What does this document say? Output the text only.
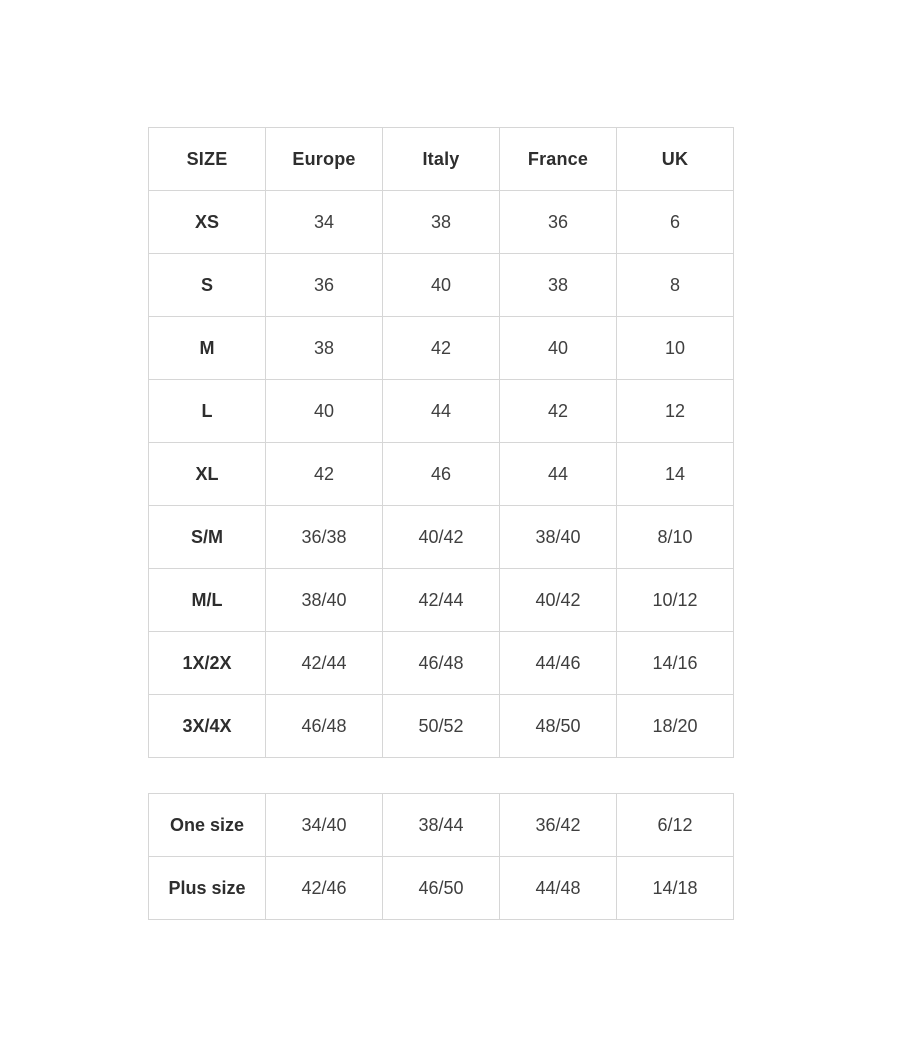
SIZE	Europe	Italy	France	UK
XS	34	38	36	6
S	36	40	38	8
M	38	42	40	10
L	40	44	42	12
XL	42	46	44	14
S/M	36/38	40/42	38/40	8/10
M/L	38/40	42/44	40/42	10/12
1X/2X	42/44	46/48	44/46	14/16
3X/4X	46/48	50/52	48/50	18/20
One size	34/40	38/44	36/42	6/12
Plus size	42/46	46/50	44/48	14/18
